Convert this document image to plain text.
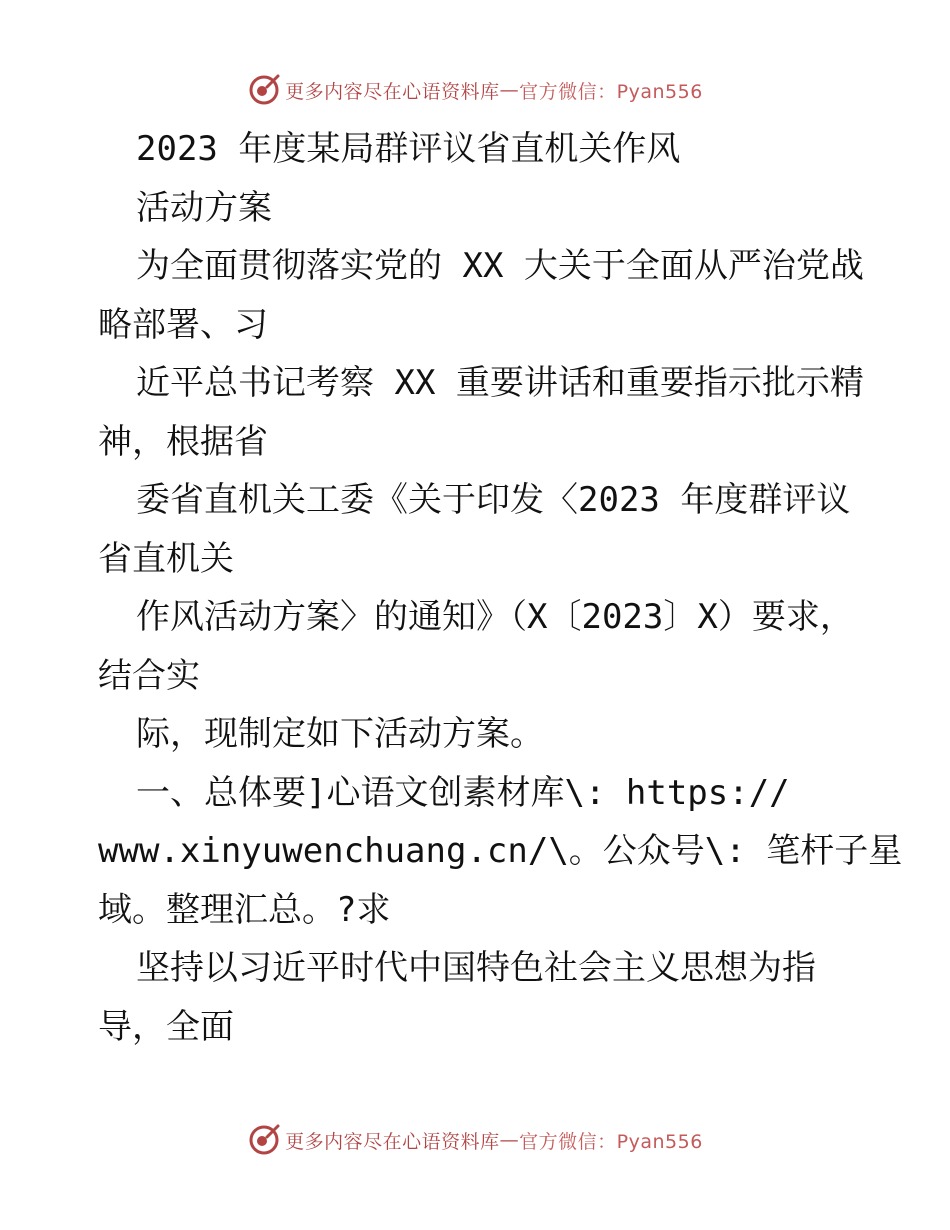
更多内容尽在心语资料库 — 官方微信：Pyan556
2023 年度某局群评议省直机关作风
活动方案
为全面贯彻落实党的 XX 大关于全面从严治党战
略部署、习
近平总书记考察 XX 重要讲话和重要指示批示精
神，根据省
委省直机关工委《关于印发〈2023 年度群评议
省直机关
作风活动方案〉的通知》（X〔2023〕X）要求，
结合实
际，现制定如下活动方案。
一、总体要]心语文创素材库\: https://
www.xinyuwenchuang.cn/\。公众号\: 笔杆子星
域。整理汇总。?求
坚持以习近平时代中国特色社会主义思想为指
导，全面
更多内容尽在心语资料库 — 官方微信：Pyan556
